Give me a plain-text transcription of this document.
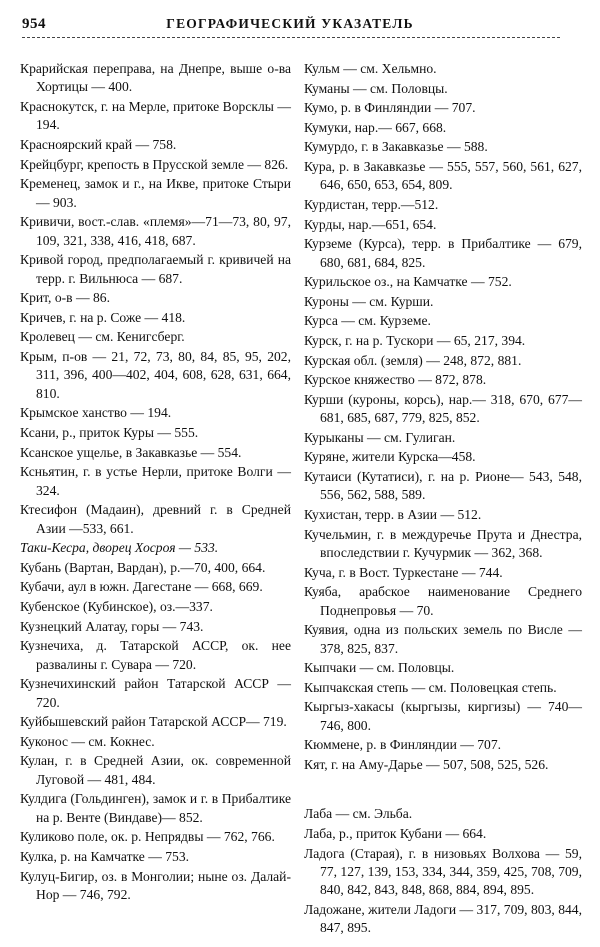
954	ГЕОГРАФИЧЕСКИЙ УКАЗАТЕЛЬ
Крарийская переправа, на Днепре, выше о-ва Хортицы — 400.
Краснокутск, г. на Мерле, притоке Ворсклы — 194.
Красноярский край — 758.
Крейцбург, крепость в Прусской земле — 826.
Кременец, замок и г., на Икве, притоке Стыри — 903.
Кривичи, вост.-слав. «племя»—71—73, 80, 97, 109, 321, 338, 416, 418, 687.
Кривой город, предполагаемый г. кривичей на терр. г. Вильнюса — 687.
Крит, о-в — 86.
Кричев, г. на р. Соже — 418.
Кролевец — см. Кенигсберг.
Крым, п-ов — 21, 72, 73, 80, 84, 85, 95, 202, 311, 396, 400—402, 404, 608, 628, 631, 664, 810.
Крымское ханство — 194.
Ксани, р., приток Куры — 555.
Ксанское ущелье, в Закавказье — 554.
Ксньятин, г. в устье Нерли, притоке Волги —324.
Ктесифон (Мадаин), древний г. в Средней Азии —533, 661.
Таки-Кесра, дворец Хосроя — 533.
Кубань (Вартан, Вардан), р.—70, 400, 664.
Кубачи, аул в южн. Дагестане — 668, 669.
Кубенское (Кубинское), оз.—337.
Кузнецкий Алатау, горы — 743.
Кузнечиха, д. Татарской АССР, ок. нее развалины г. Сувара — 720.
Кузнечихинский район Татарской АССР — 720.
Куйбышевский район Татарской АССР— 719.
Куконос — см. Кокнес.
Кулан, г. в Средней Азии, ок. современной Луговой — 481, 484.
Кулдига (Гольдинген), замок и г. в Прибалтике на р. Венте (Виндаве)— 852.
Куликово поле, ок. р. Непрядвы — 762, 766.
Кулка, р. на Камчатке — 753.
Кулуц-Бигир, оз. в Монголии; ныне оз. Далай-Нор — 746, 792.
Кульм — см. Хельмно.
Куманы — см. Половцы.
Кумо, р. в Финляндии — 707.
Кумуки, нар.— 667, 668.
Кумурдо, г. в Закавказье — 588.
Кура, р. в Закавказье — 555, 557, 560, 561, 627, 646, 650, 653, 654, 809.
Курдистан, терр.—512.
Курды, нар.—651, 654.
Курземе (Курса), терр. в Прибалтике — 679, 680, 681, 684, 825.
Курильское оз., на Камчатке — 752.
Куроны — см. Курши.
Курса — см. Курземе.
Курск, г. на р. Тускори — 65, 217, 394.
Курская обл. (земля) — 248, 872, 881.
Курское княжество — 872, 878.
Курши (куроны, корсь), нар.— 318, 670, 677—681, 685, 687, 779, 825, 852.
Курыканы — см. Гулиган.
Куряне, жители Курска—458.
Кутаиси (Кутатиси), г. на р. Рионе— 543, 548, 556, 562, 588, 589.
Кухистан, терр. в Азии — 512.
Кучельмин, г. в междуречье Прута и Днестра, впоследствии г. Кучурмик — 362, 368.
Куча, г. в Вост. Туркестане — 744.
Куяба, арабское наименование Среднего Поднепровья — 70.
Куявия, одна из польских земель по Висле — 378, 825, 837.
Кыпчаки — см. Половцы.
Кыпчакская степь — см. Половецкая степь.
Кыргыз-хакасы (кыргызы, киргизы) — 740—746, 800.
Кюммене, р. в Финляндии — 707.
Кят, г. на Аму-Дарье — 507, 508, 525, 526.
Лаба — см. Эльба.
Лаба, р., приток Кубани — 664.
Ладога (Старая), г. в низовьях Волхова — 59, 77, 127, 139, 153, 334, 344, 359, 425, 708, 709, 840, 842, 843, 848, 868, 884, 894, 895.
Ладожане, жители Ладоги — 317, 709, 803, 844, 847, 895.
